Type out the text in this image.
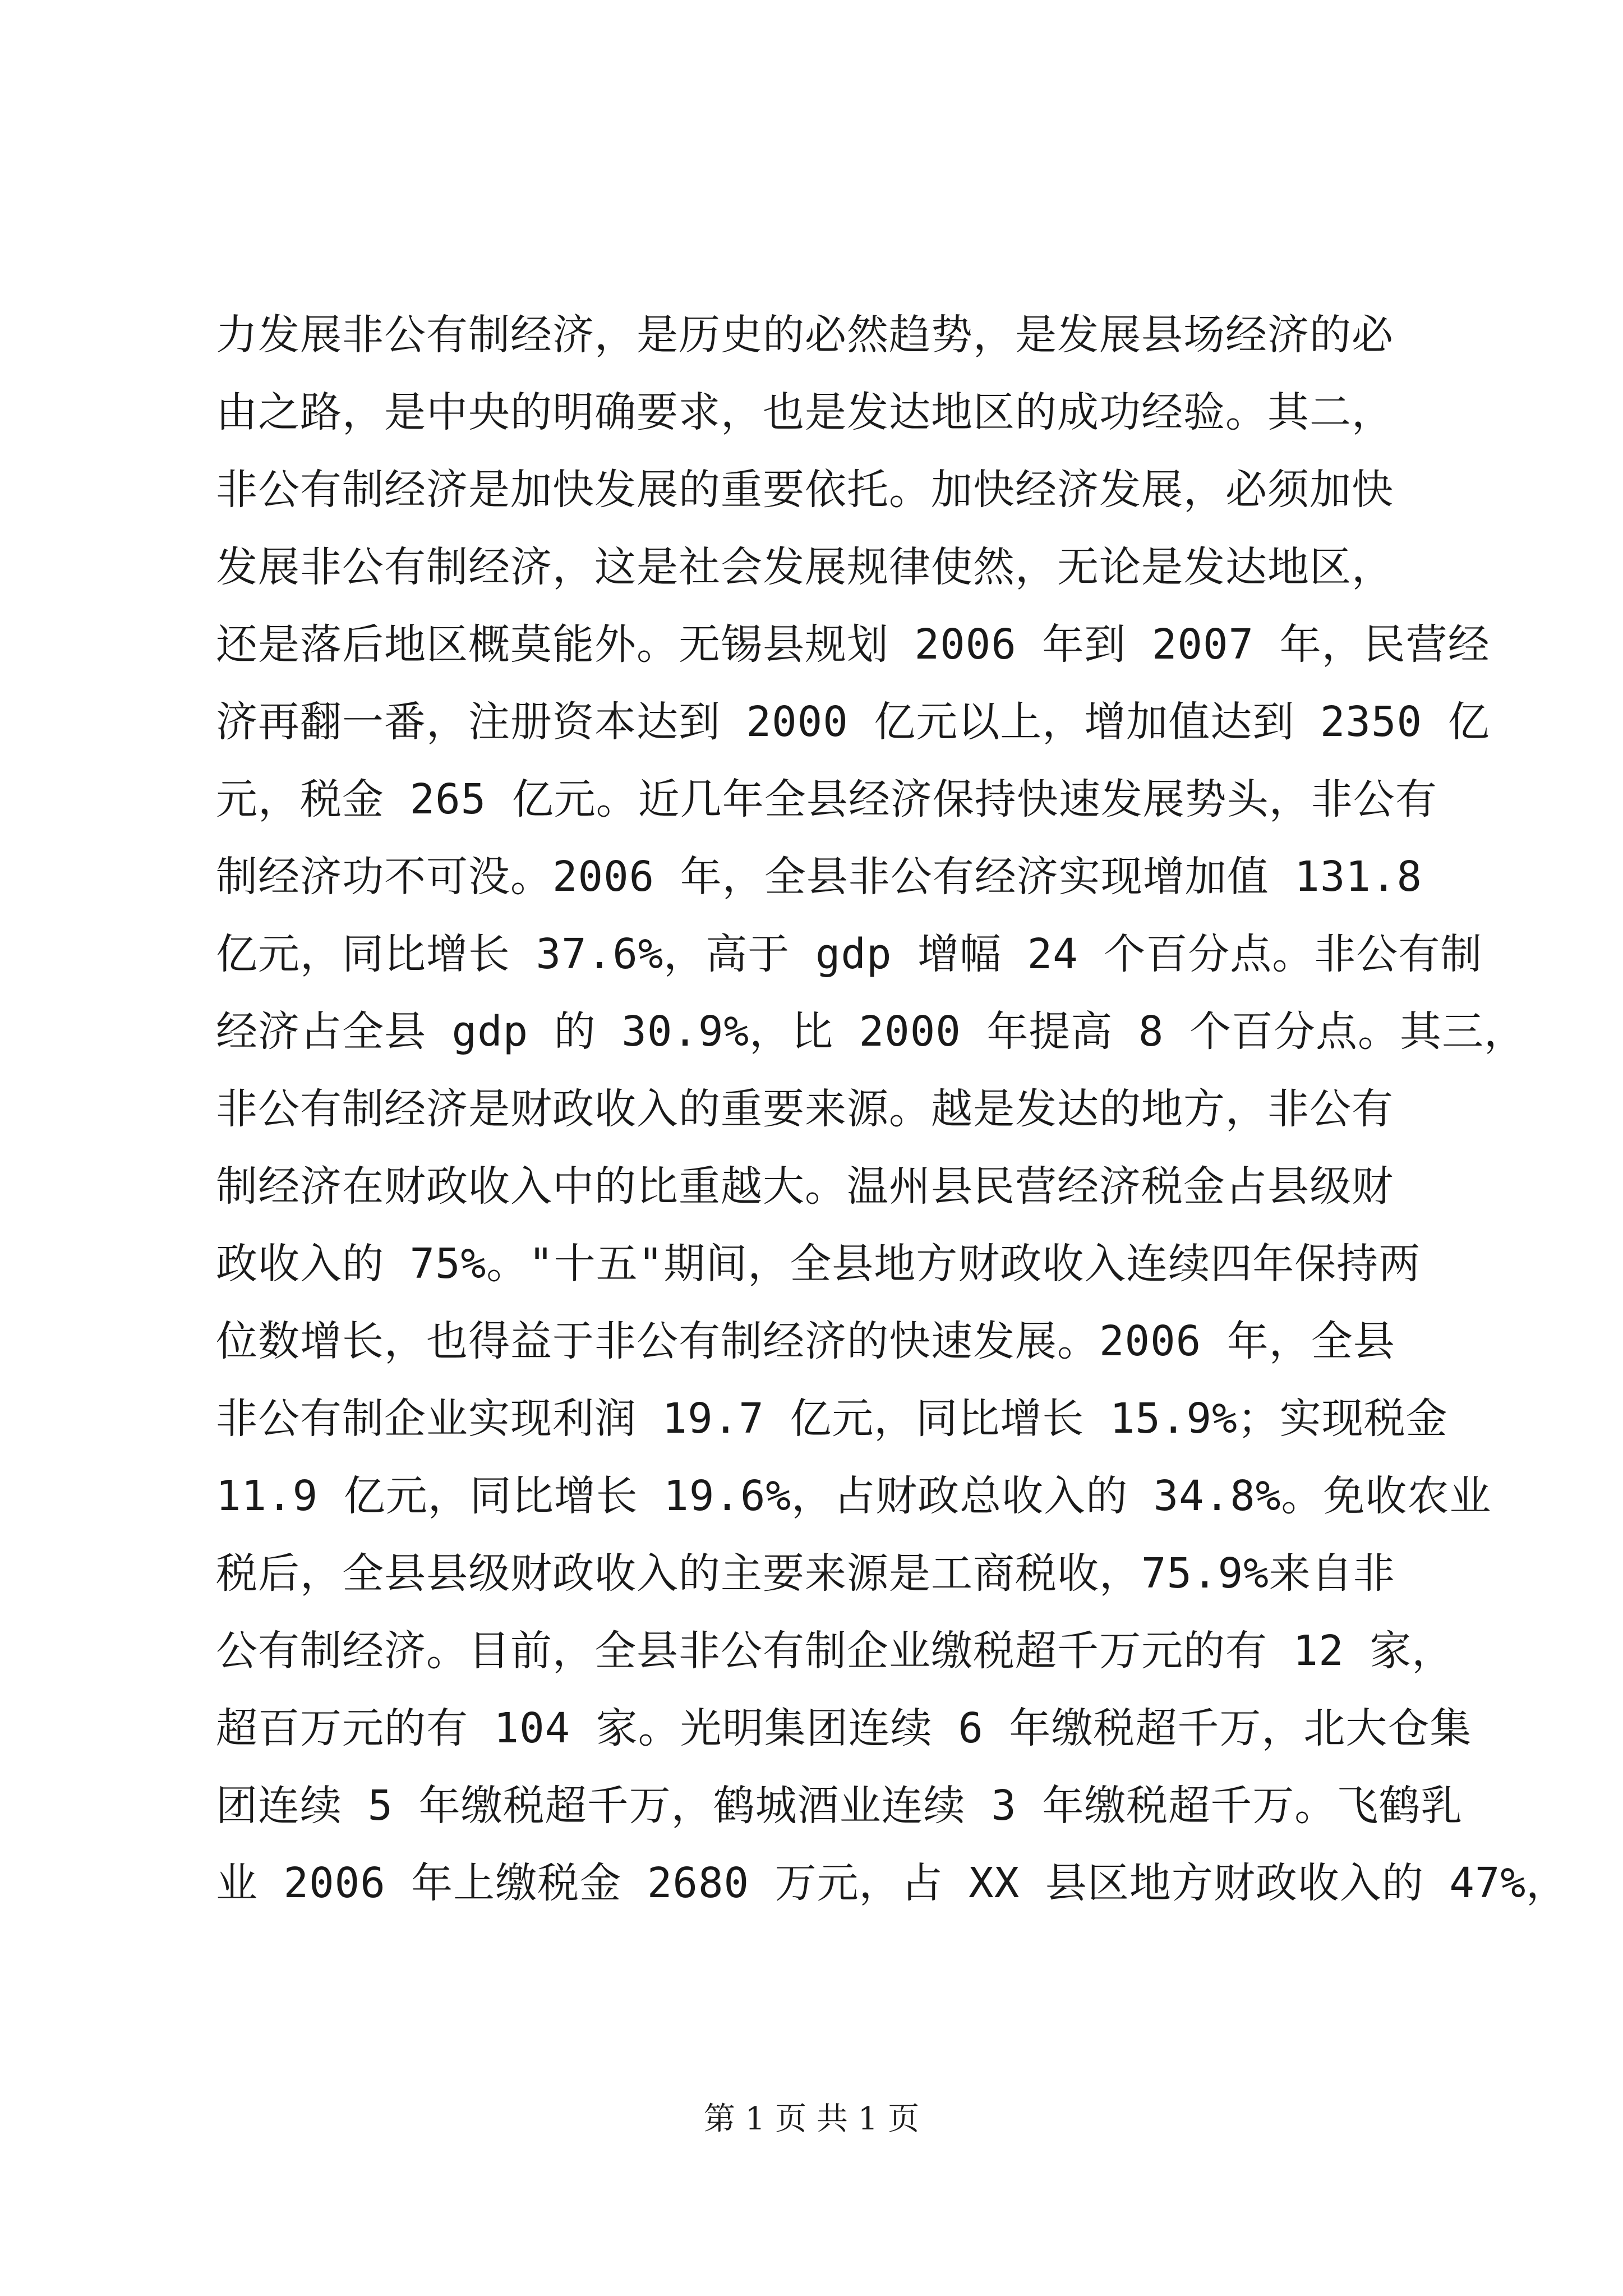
力发展非公有制经济，是历史的必然趋势，是发展县场经济的必
由之路，是中央的明确要求，也是发达地区的成功经验。其二，
非公有制经济是加快发展的重要依托。加快经济发展，必须加快
发展非公有制经济，这是社会发展规律使然，无论是发达地区，
还是落后地区概莫能外。无锡县规划 2006 年到 2007 年，民营经
济再翻一番，注册资本达到 2000 亿元以上，增加值达到 2350 亿
元，税金 265 亿元。近几年全县经济保持快速发展势头，非公有
制经济功不可没。2006 年，全县非公有经济实现增加值 131.8
亿元，同比增长 37.6%，高于 gdp 增幅 24 个百分点。非公有制
经济占全县 gdp 的 30.9%，比 2000 年提高 8 个百分点。其三，
非公有制经济是财政收入的重要来源。越是发达的地方，非公有
制经济在财政收入中的比重越大。温州县民营经济税金占县级财
政收入的 75%。"十五"期间，全县地方财政收入连续四年保持两
位数增长，也得益于非公有制经济的快速发展。2006 年，全县
非公有制企业实现利润 19.7 亿元，同比增长 15.9%；实现税金
11.9 亿元，同比增长 19.6%，占财政总收入的 34.8%。免收农业
税后，全县县级财政收入的主要来源是工商税收，75.9%来自非
公有制经济。目前，全县非公有制企业缴税超千万元的有 12 家，
超百万元的有 104 家。光明集团连续 6 年缴税超千万，北大仓集
团连续 5 年缴税超千万，鹤城酒业连续 3 年缴税超千万。飞鹤乳
业 2006 年上缴税金 2680 万元，占 XX 县区地方财政收入的 47%，
第 1 页 共 1 页
